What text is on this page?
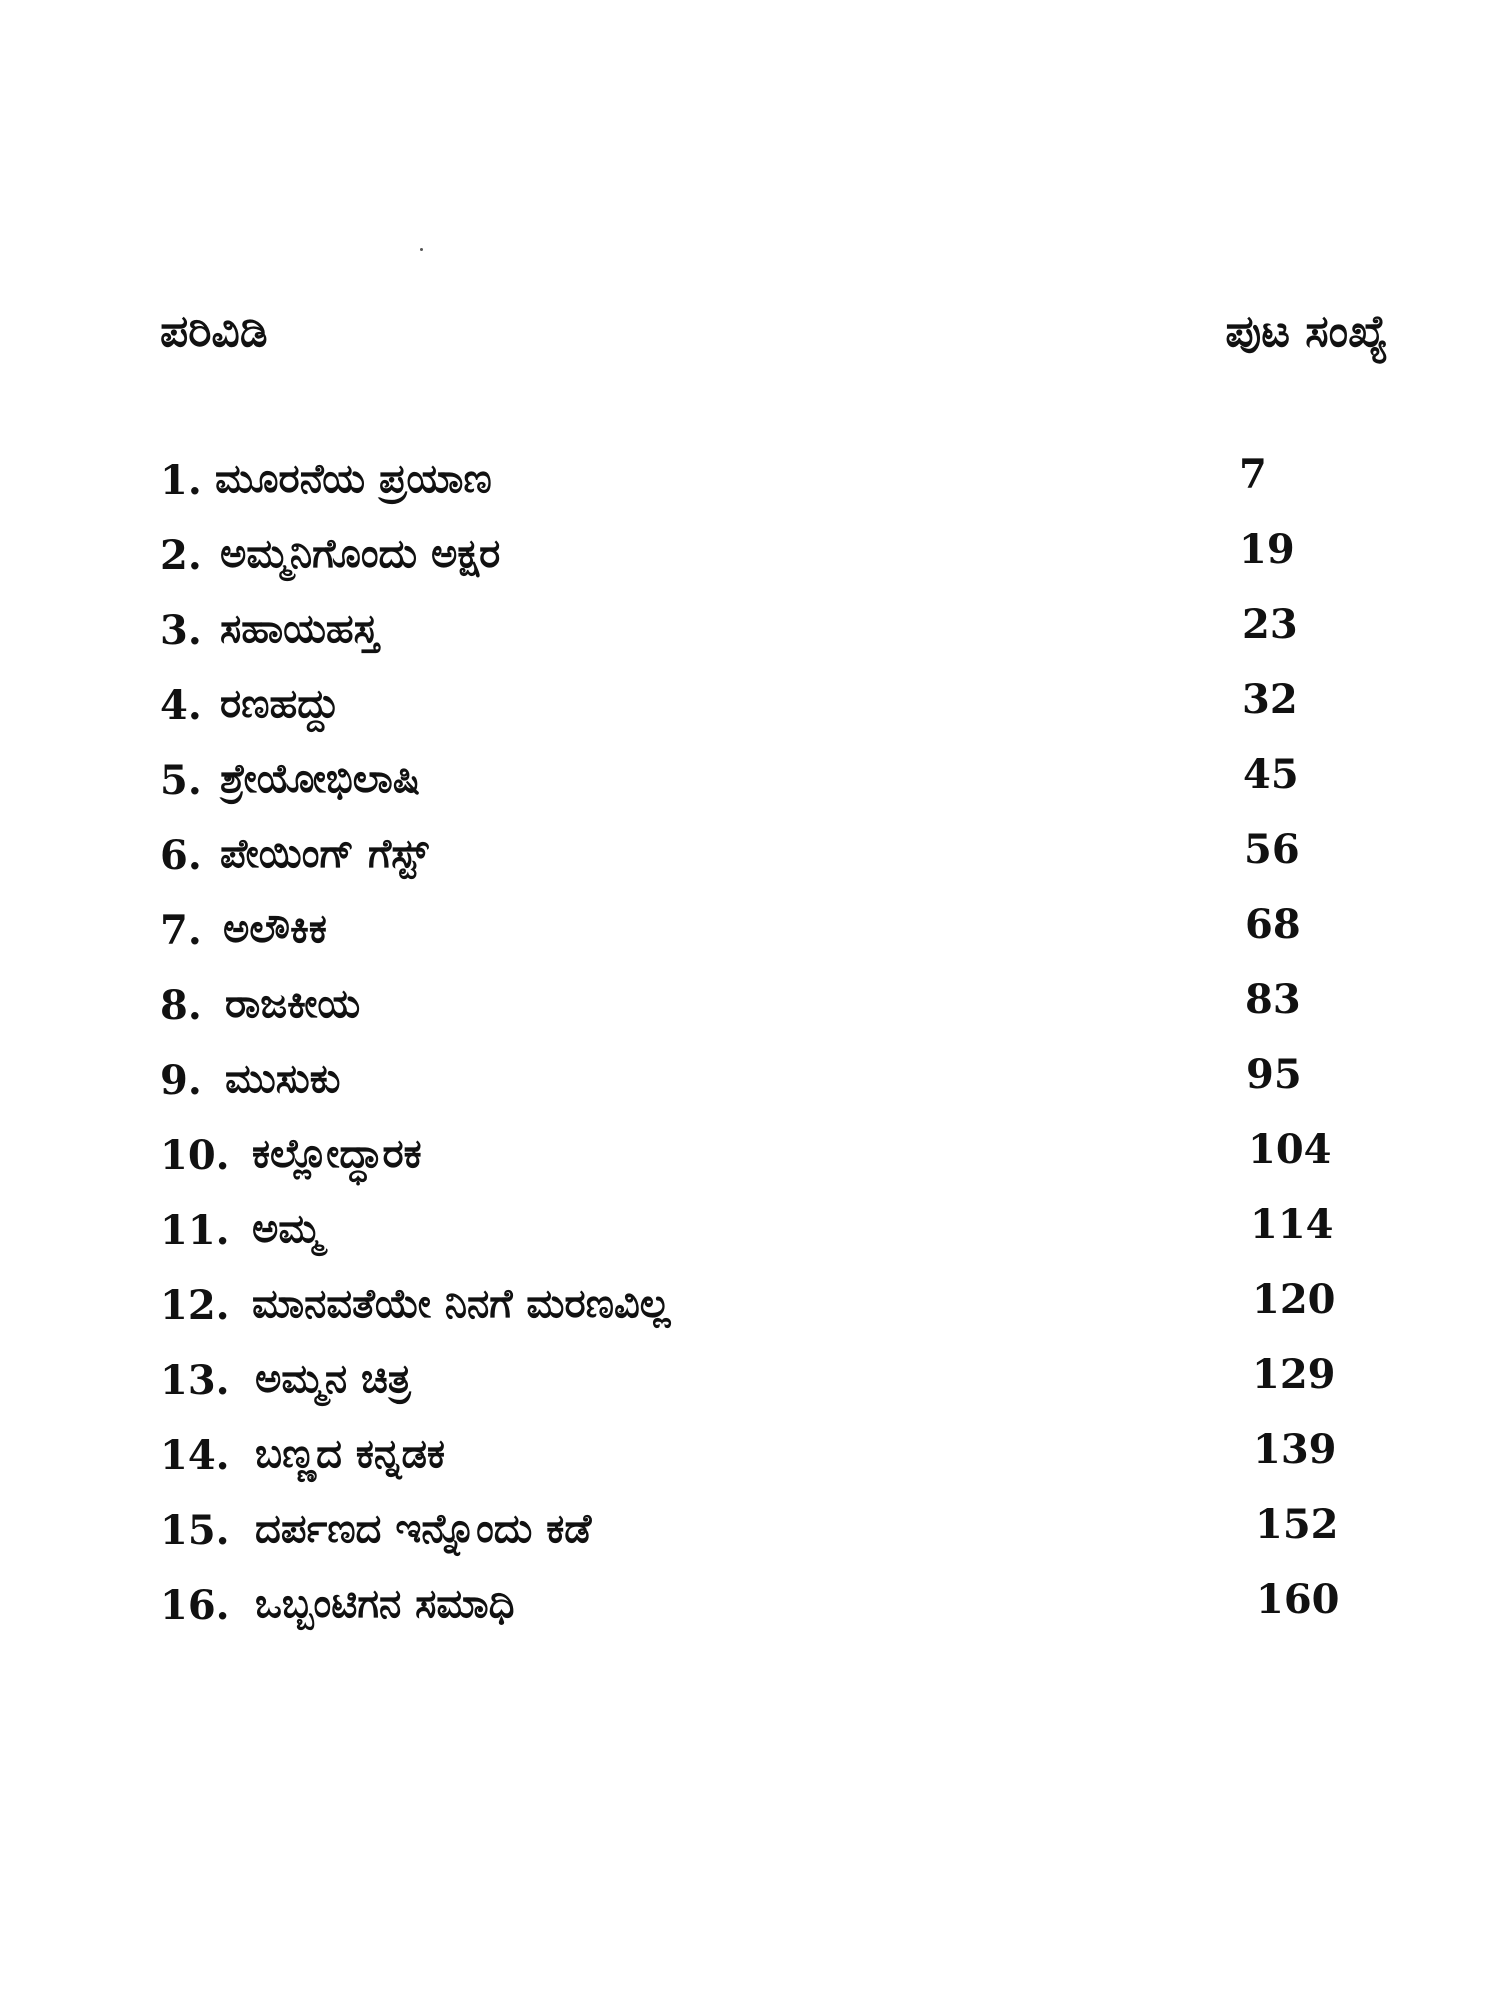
ಪರಿವಿಡಿ	ಪುಟ ಸಂಖ್ಯೆ
1. ಮೂರನೆಯ ಪ್ರಯಾಣ	7
2. ಅಮ್ಮನಿಗೊಂದು ಅಕ್ಷರ	19
3. ಸಹಾಯಹಸ್ತ	23
4. ರಣಹದ್ದು	32
5. ಶ್ರೇಯೋಭಿಲಾಷಿ	45
6. ಪೇಯಿಂಗ್ ಗೆಸ್ಟ್	56
7. ಅಲೌಕಿಕ	68
8. ರಾಜಕೀಯ	83
9. ಮುಸುಕು	95
10. ಕಲ್ಲೋದ್ಧಾರಕ	104
11. ಅಮ್ಮ	114
12. ಮಾನವತೆಯೇ ನಿನಗೆ ಮರಣವಿಲ್ಲ	120
13. ಅಮ್ಮನ ಚಿತ್ರ	129
14. ಬಣ್ಣದ ಕನ್ನಡಕ	139
15. ದರ್ಪಣದ ಇನ್ನೊಂದು ಕಡೆ	152
16. ಒಬ್ಬಂಟಿಗನ ಸಮಾಧಿ	160
